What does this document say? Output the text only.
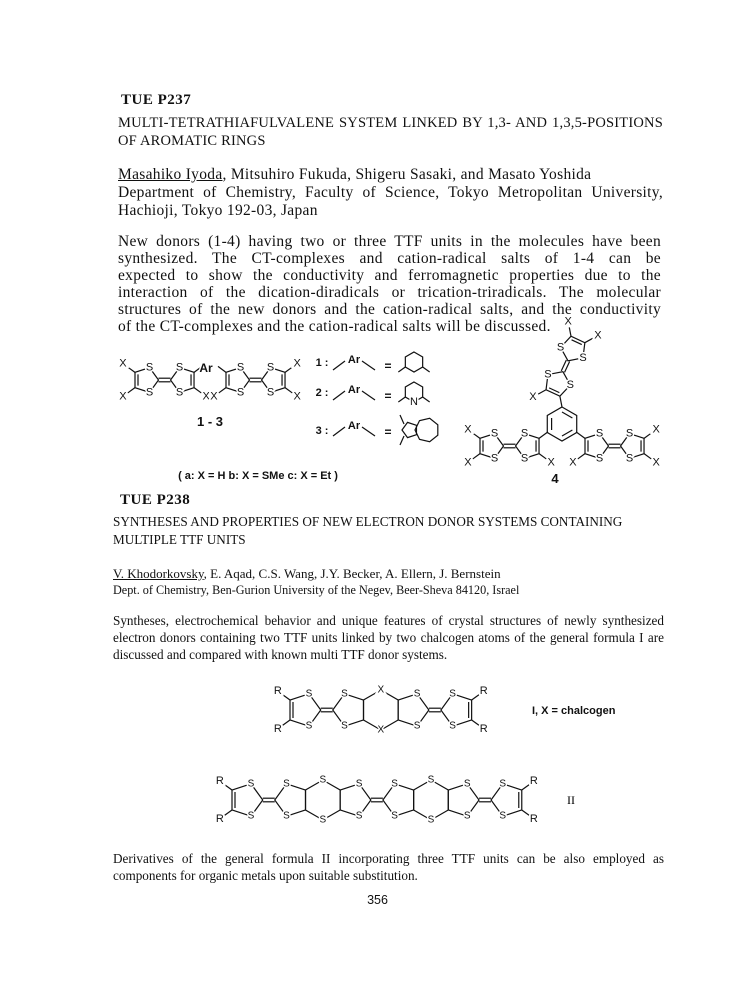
TUE P237
MULTI-TETRATHIAFULVALENE SYSTEM LINKED BY 1,3- AND 1,3,5-POSITIONS
OF AROMATIC RINGS
Masahiko Iyoda, Mitsuhiro Fukuda, Shigeru Sasaki, and Masato Yoshida
Department of Chemistry, Faculty of Science, Tokyo Metropolitan University,
Hachioji, Tokyo 192-03, Japan
New donors (1-4) having two or three TTF units in the molecules have been
synthesized. The CT-complexes and cation-radical salts of 1-4 can be
expected to show the conductivity and ferromagnetic properties due to the
interaction of the dication-diradicals or trication-triradicals. The molecular
structures of the new donors and the cation-radical salts, and the conductivity
of the CT-complexes and the cation-radical salts will be discussed.
1 - 3
( a: X = H b: X = SMe c: X = Et )	4
1 :
2 :
3 :
I, X = chalcogen
II
S
S S
S
X
X
X S
S S
S
X
X
X
Ar
Ar =
Ar = N
Ar =
S
S S
S
X
X
X	S
S S
S
X
X
X
S
S
S
S
X
X
X
S
S	S
S
X
X	S
S	S
S
R
R	R
R
S
S	S
S
S
S	S
S	S
S
S
S	S
S	S
S
R
R	R
R
TUE P238
SYNTHESES AND PROPERTIES OF NEW ELECTRON DONOR SYSTEMS CONTAINING
MULTIPLE TTF UNITS
V. Khodorkovsky, E. Aqad, C.S. Wang, J.Y. Becker, A. Ellern, J. Bernstein
Dept. of Chemistry, Ben-Gurion University of the Negev, Beer-Sheva 84120, Israel
Syntheses, electrochemical behavior and unique features of crystal structures of newly synthesized
electron donors containing two TTF units linked by two chalcogen atoms of the general formula I are
discussed and compared with known multi TTF donor systems.
Derivatives of the general formula II incorporating three TTF units can be also employed as
components for organic metals upon suitable substitution.
356
